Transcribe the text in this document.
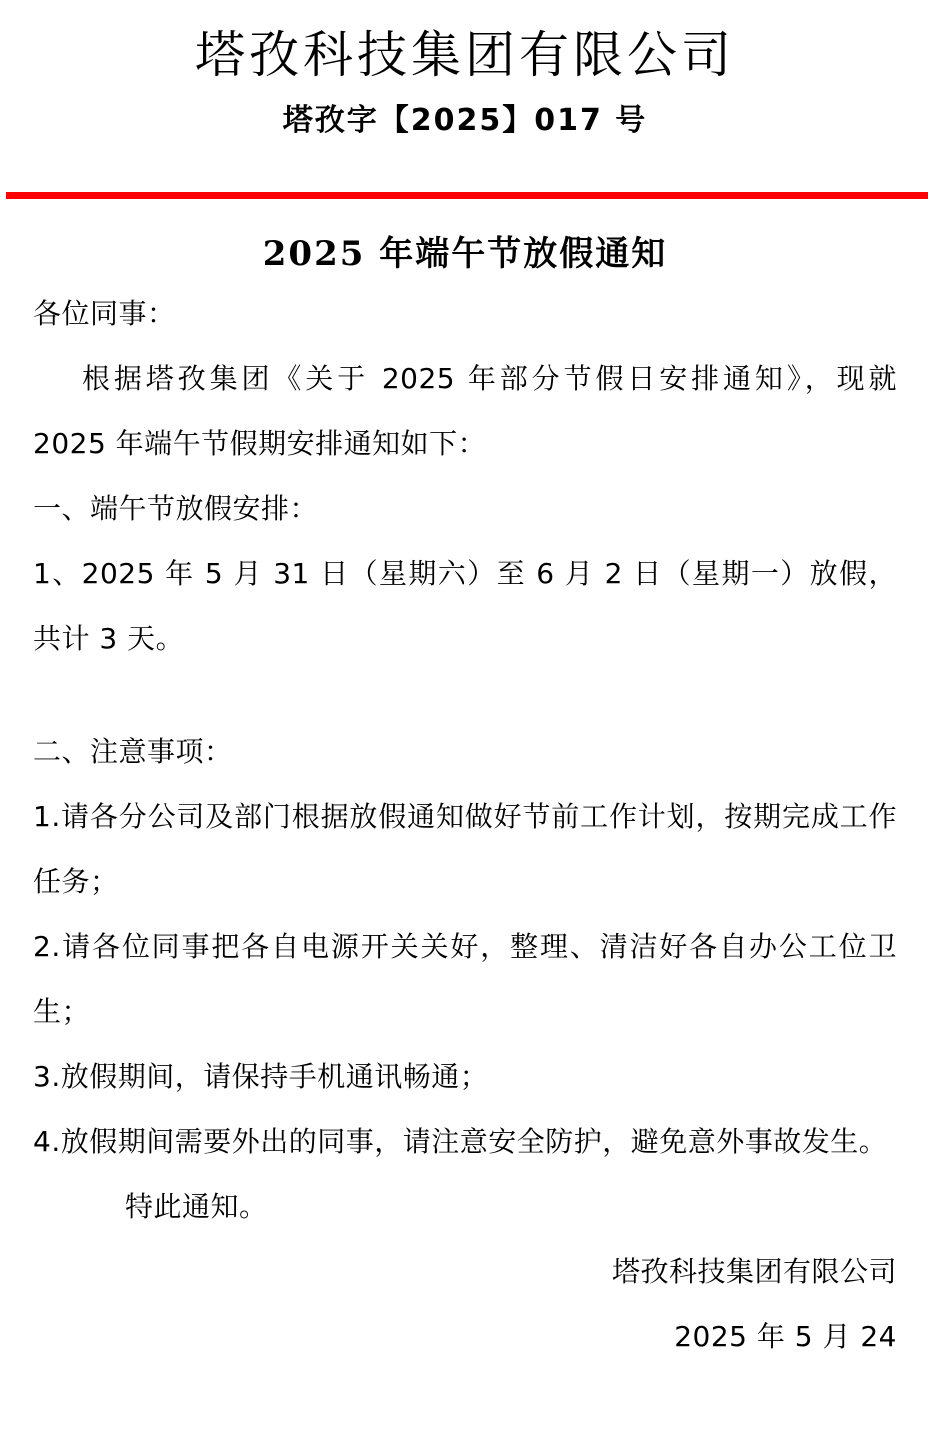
塔孜科技集团有限公司
塔孜字【2025】017 号
2025 年端午节放假通知

各位同事：

根据塔孜集团《关于 2025 年部分节假日安排通知》，现就 2025 年端午节假期安排通知如下：

一、端午节放假安排：

1、2025 年 5 月 31 日（星期六）至 6 月 2 日（星期一）放假，共计 3 天。

二、注意事项：

1.请各分公司及部门根据放假通知做好节前工作计划，按期完成工作任务；

2.请各位同事把各自电源开关关好，整理、清洁好各自办公工位卫生；

3.放假期间，请保持手机通讯畅通；

4.放假期间需要外出的同事，请注意安全防护，避免意外事故发生。

特此通知。

塔孜科技集团有限公司

2025 年 5 月 24
